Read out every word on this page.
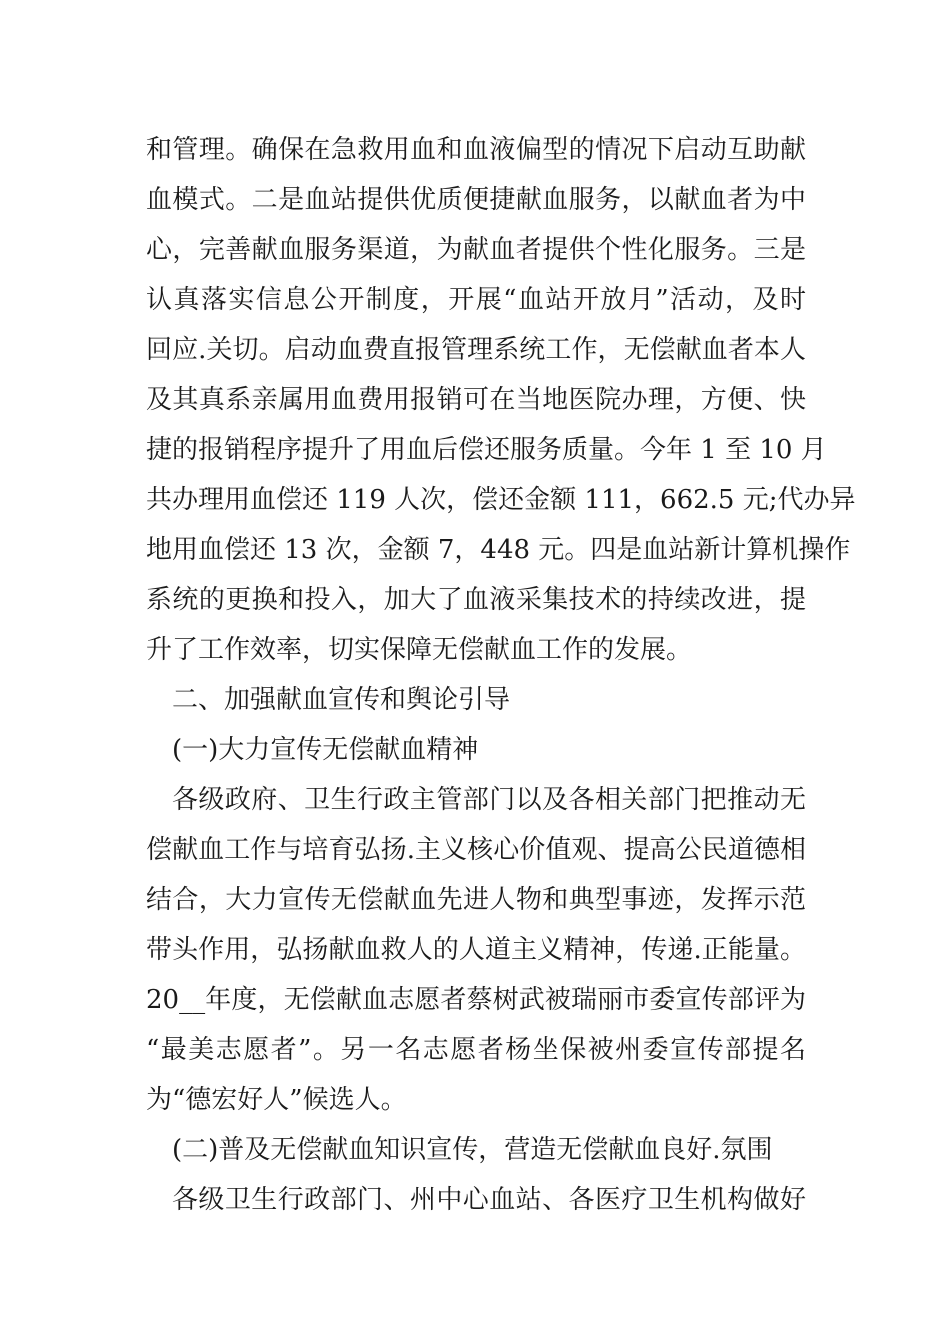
和管理。确保在急救用血和血液偏型的情况下启动互助献
血模式。二是血站提供优质便捷献血服务，以献血者为中
心，完善献血服务渠道，为献血者提供个性化服务。三是
认真落实信息公开制度，开展“血站开放月”活动，及时
回应.关切。启动血费直报管理系统工作，无偿献血者本人
及其真系亲属用血费用报销可在当地医院办理，方便、快
捷的报销程序提升了用血后偿还服务质量。今年 1 至 10 月
共办理用血偿还 119 人次，偿还金额 111，662.5 元;代办异
地用血偿还 13 次，金额 7，448 元。四是血站新计算机操作
系统的更换和投入，加大了血液采集技术的持续改进，提
升了工作效率，切实保障无偿献血工作的发展。
二、加强献血宣传和舆论引导
(一)大力宣传无偿献血精神
各级政府、卫生行政主管部门以及各相关部门把推动无
偿献血工作与培育弘扬.主义核心价值观、提高公民道德相
结合，大力宣传无偿献血先进人物和典型事迹，发挥示范
带头作用，弘扬献血救人的人道主义精神，传递.正能量。
20__年度，无偿献血志愿者蔡树武被瑞丽市委宣传部评为
“最美志愿者”。另一名志愿者杨坐保被州委宣传部提名
为“德宏好人”候选人。
(二)普及无偿献血知识宣传，营造无偿献血良好.氛围
各级卫生行政部门、州中心血站、各医疗卫生机构做好
